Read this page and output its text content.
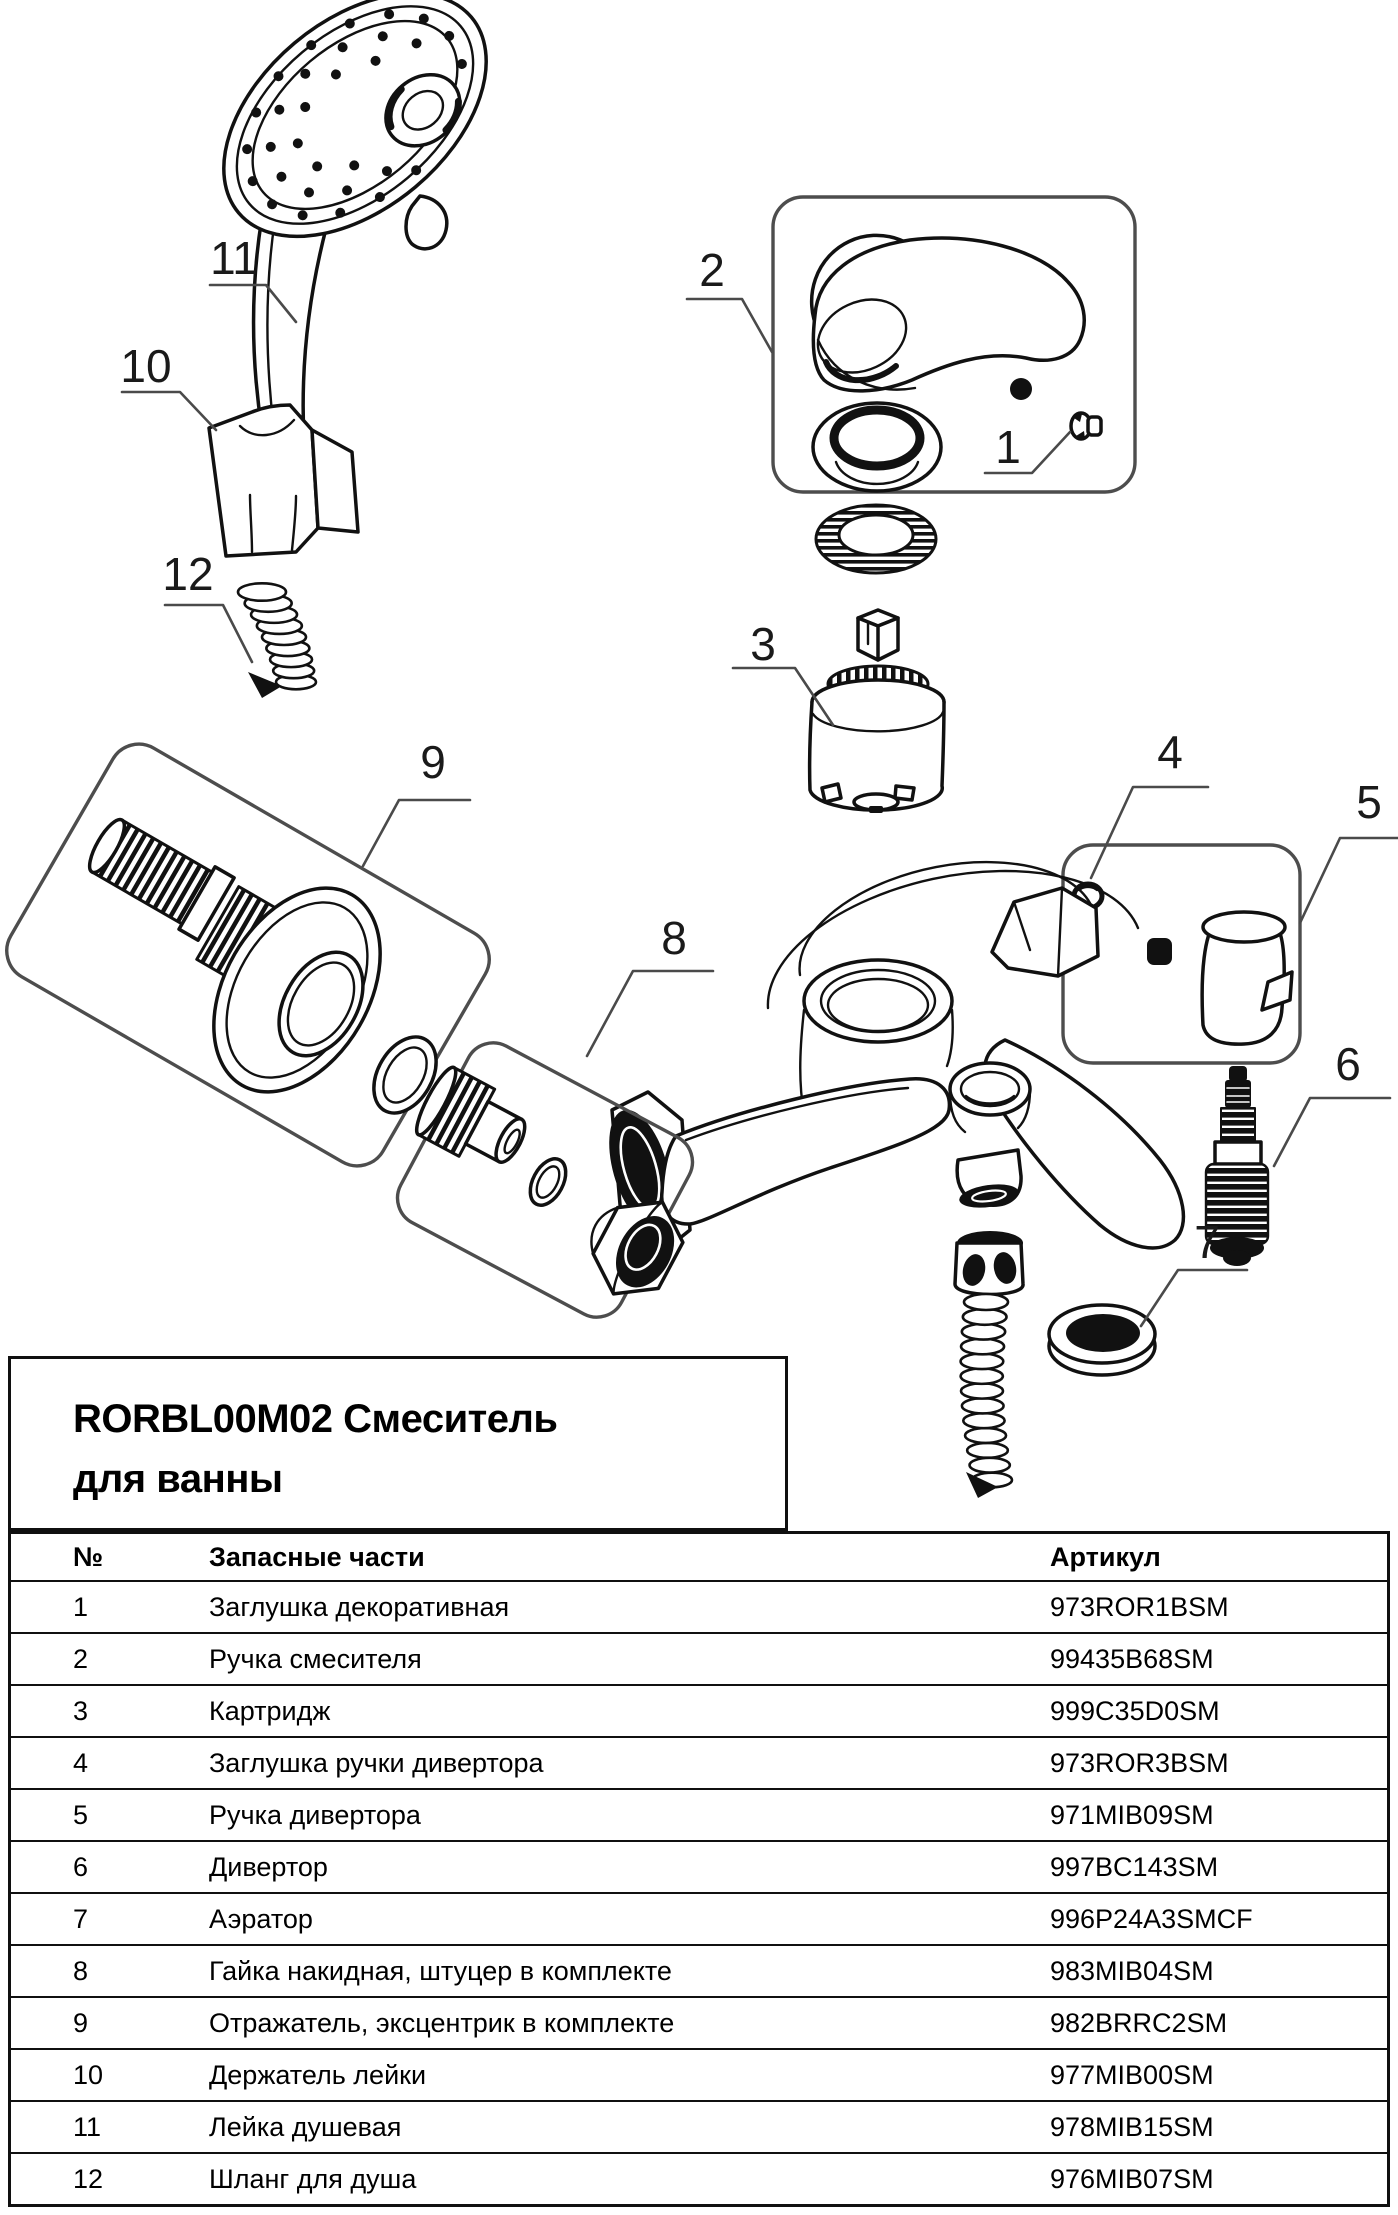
1
2
3
4
5
6
7
8
9
10
11
12
RORBL00M02 Смеситель
для ванны
№	Запасные части	Артикул
1	Заглушка декоративная	973ROR1BSM
2	Ручка смесителя	99435B68SM
3	Картридж	999C35D0SM
4	Заглушка ручки дивертора	973ROR3BSM
5	Ручка дивертора	971MIB09SM
6	Дивертор	997BC143SM
7	Аэратор	996P24A3SMCF
8	Гайка накидная, штуцер в комплекте	983MIB04SM
9	Отражатель, эксцентрик в комплекте	982BRRC2SM
10	Держатель лейки	977MIB00SM
11	Лейка душевая	978MIB15SM
12	Шланг для душа	976MIB07SM
